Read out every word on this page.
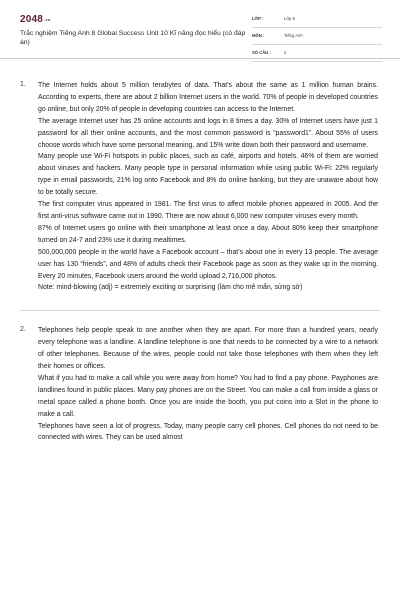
2048.vn
Trắc nghiệm Tiếng Anh 8 Global Success Unit 10 Kĩ năng đọc hiểu (có đáp án)
LỚP :	Lớp 8
MÔN :	Tiếng Anh
SỐ CÂU :	2
1. The Internet holds about 5 million terabytes of data. That’s about the same as 1 million human brains. According to experts, there are about 2 billion Internet users in the world. 70% of people in developed countries go online, but only 20% of people in developing countries can access to the Internet.

The average Internet user has 25 online accounts and logs in 8 times a day. 30% of Internet users have just 1 password for all their online accounts, and the most common password is “password1”. About 55% of users choose words which have some personal meaning, and 15% write down both their password and username.

Many people use Wi-Fi hotspots in public places, such as café, airports and hotels. 46% of them are worried about viruses and hackers. Many people type in personal information while using public Wi-Fi: 22% regularly type in email passwords, 21% log onto Facebook and 8% do online banking, but they are unaware about how to be totally secure.

The first computer virus appeared in 1981. The first virus to affect mobile phones appeared in 2005. And the first anti-virus software came out in 1990. There are now about 6,000 new computer viruses every month.

87% of Internet users go online with their smartphone at least once a day. About 80% keep their smartphone turned on 24-7 and 23% use it during mealtimes.

500,000,000 people in the world have a Facebook account – that’s about one in every 13 people. The average user has 130 “friends”, and 48% of adults check their Facebook page as soon as they wake up in the morning. Every 20 minutes, Facebook users around the world upload 2,716,000 photos.

Note: mind-blowing (adj) = extremely exciting or surprising (làm cho mê mẩn, sửng sờ)

2. Telephones help people speak to one another when they are apart. For more than a hundred years, nearly every telephone was a landline. A landline telephone is one that needs to be connected by a wire to a network of other telephones. Because of the wires, people could not take those telephones with them when they left their homes or offices.

What if you had to make a call while you were away from home? You had to find a pay phone. Payphones are landlines found in public places. Many pay phones are on the Street. You can make a call from inside a glass or metal space called a phone booth. Once you are inside the booth, you put coins into a Slot in the phone to make a call.

Telephones have seen a lot of progress. Today, many people carry cell phones. Cell phones do not need to be connected with wires. They can be used almost
